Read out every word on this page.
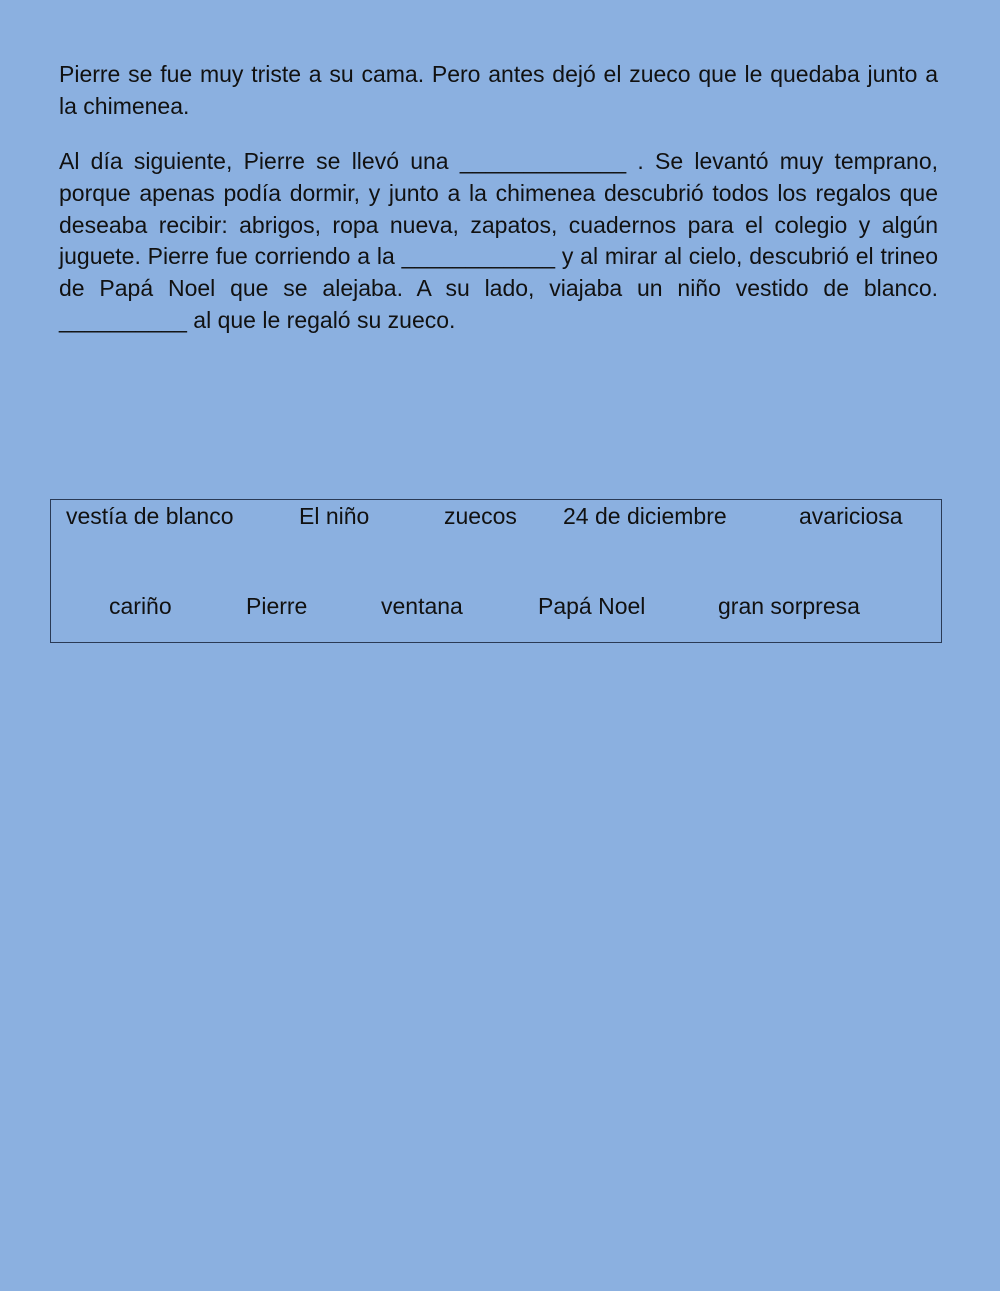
Pierre se fue muy triste a su cama. Pero antes dejó el zueco que le quedaba junto a la chimenea.

Al día siguiente, Pierre se llevó una _____________ . Se levantó muy temprano, porque apenas podía dormir, y junto a la chimenea descubrió todos los regalos que deseaba recibir: abrigos, ropa nueva, zapatos, cuadernos para el colegio y algún juguete. Pierre fue corriendo a la ____________ y al mirar al cielo, descubrió el trineo de Papá Noel que se alejaba. A su lado, viajaba un niño vestido de blanco. __________ al que le regaló su zueco.

vestía de blanco	El niño	zuecos 24 de diciembre	avariciosa
cariño	Pierre	ventana	Papá Noel	gran sorpresa
